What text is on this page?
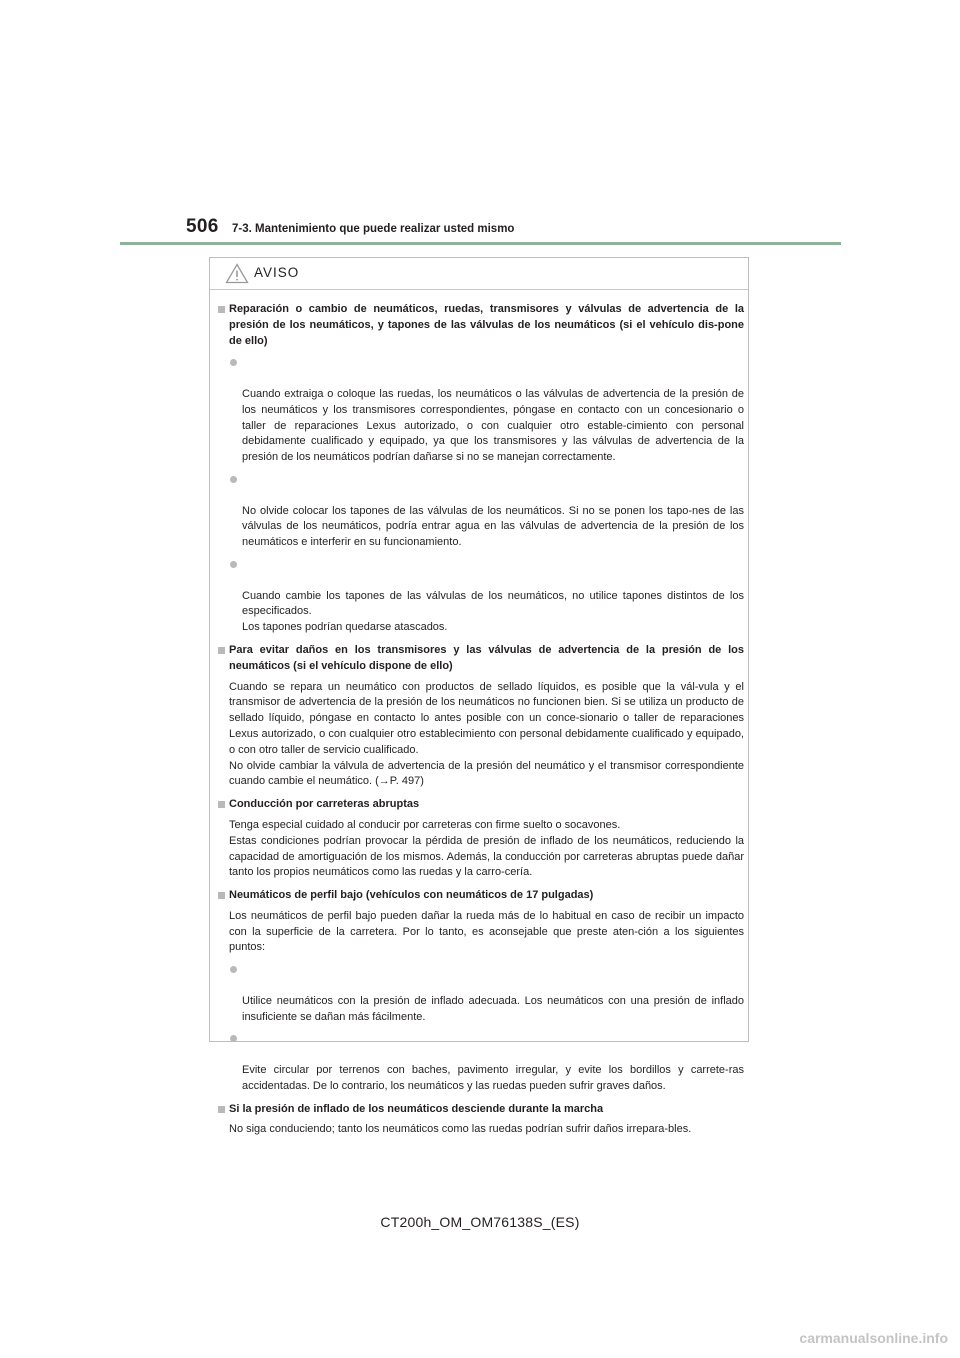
506 7-3. Mantenimiento que puede realizar usted mismo
AVISO
Reparación o cambio de neumáticos, ruedas, transmisores y válvulas de advertencia de la presión de los neumáticos, y tapones de las válvulas de los neumáticos (si el vehículo dis-pone de ello)

Cuando extraiga o coloque las ruedas, los neumáticos o las válvulas de advertencia de la presión de los neumáticos y los transmisores correspondientes, póngase en contacto con un concesionario o taller de reparaciones Lexus autorizado, o con cualquier otro estable-cimiento con personal debidamente cualificado y equipado, ya que los transmisores y las válvulas de advertencia de la presión de los neumáticos podrían dañarse si no se manejan correctamente.

No olvide colocar los tapones de las válvulas de los neumáticos. Si no se ponen los tapo-nes de las válvulas de los neumáticos, podría entrar agua en las válvulas de advertencia de la presión de los neumáticos e interferir en su funcionamiento.

Cuando cambie los tapones de las válvulas de los neumáticos, no utilice tapones distintos de los especificados.
Los tapones podrían quedarse atascados.

Para evitar daños en los transmisores y las válvulas de advertencia de la presión de los neumáticos (si el vehículo dispone de ello)
Cuando se repara un neumático con productos de sellado líquidos, es posible que la vál-vula y el transmisor de advertencia de la presión de los neumáticos no funcionen bien. Si se utiliza un producto de sellado líquido, póngase en contacto lo antes posible con un conce-sionario o taller de reparaciones Lexus autorizado, o con cualquier otro establecimiento con personal debidamente cualificado y equipado, o con otro taller de servicio cualificado.
No olvide cambiar la válvula de advertencia de la presión del neumático y el transmisor correspondiente cuando cambie el neumático. (→P. 497)
Conducción por carreteras abruptas
Tenga especial cuidado al conducir por carreteras con firme suelto o socavones.
Estas condiciones podrían provocar la pérdida de presión de inflado de los neumáticos, reduciendo la capacidad de amortiguación de los mismos. Además, la conducción por carreteras abruptas puede dañar tanto los propios neumáticos como las ruedas y la carro-cería.
Neumáticos de perfil bajo (vehículos con neumáticos de 17 pulgadas)
Los neumáticos de perfil bajo pueden dañar la rueda más de lo habitual en caso de recibir un impacto con la superficie de la carretera. Por lo tanto, es aconsejable que preste aten-ción a los siguientes puntos:

Utilice neumáticos con la presión de inflado adecuada. Los neumáticos con una presión de inflado insuficiente se dañan más fácilmente.

Evite circular por terrenos con baches, pavimento irregular, y evite los bordillos y carrete-ras accidentadas. De lo contrario, los neumáticos y las ruedas pueden sufrir graves daños.

Si la presión de inflado de los neumáticos desciende durante la marcha
No siga conduciendo; tanto los neumáticos como las ruedas podrían sufrir daños irrepara-bles.
CT200h_OM_OM76138S_(ES)
carmanualsonline.info
